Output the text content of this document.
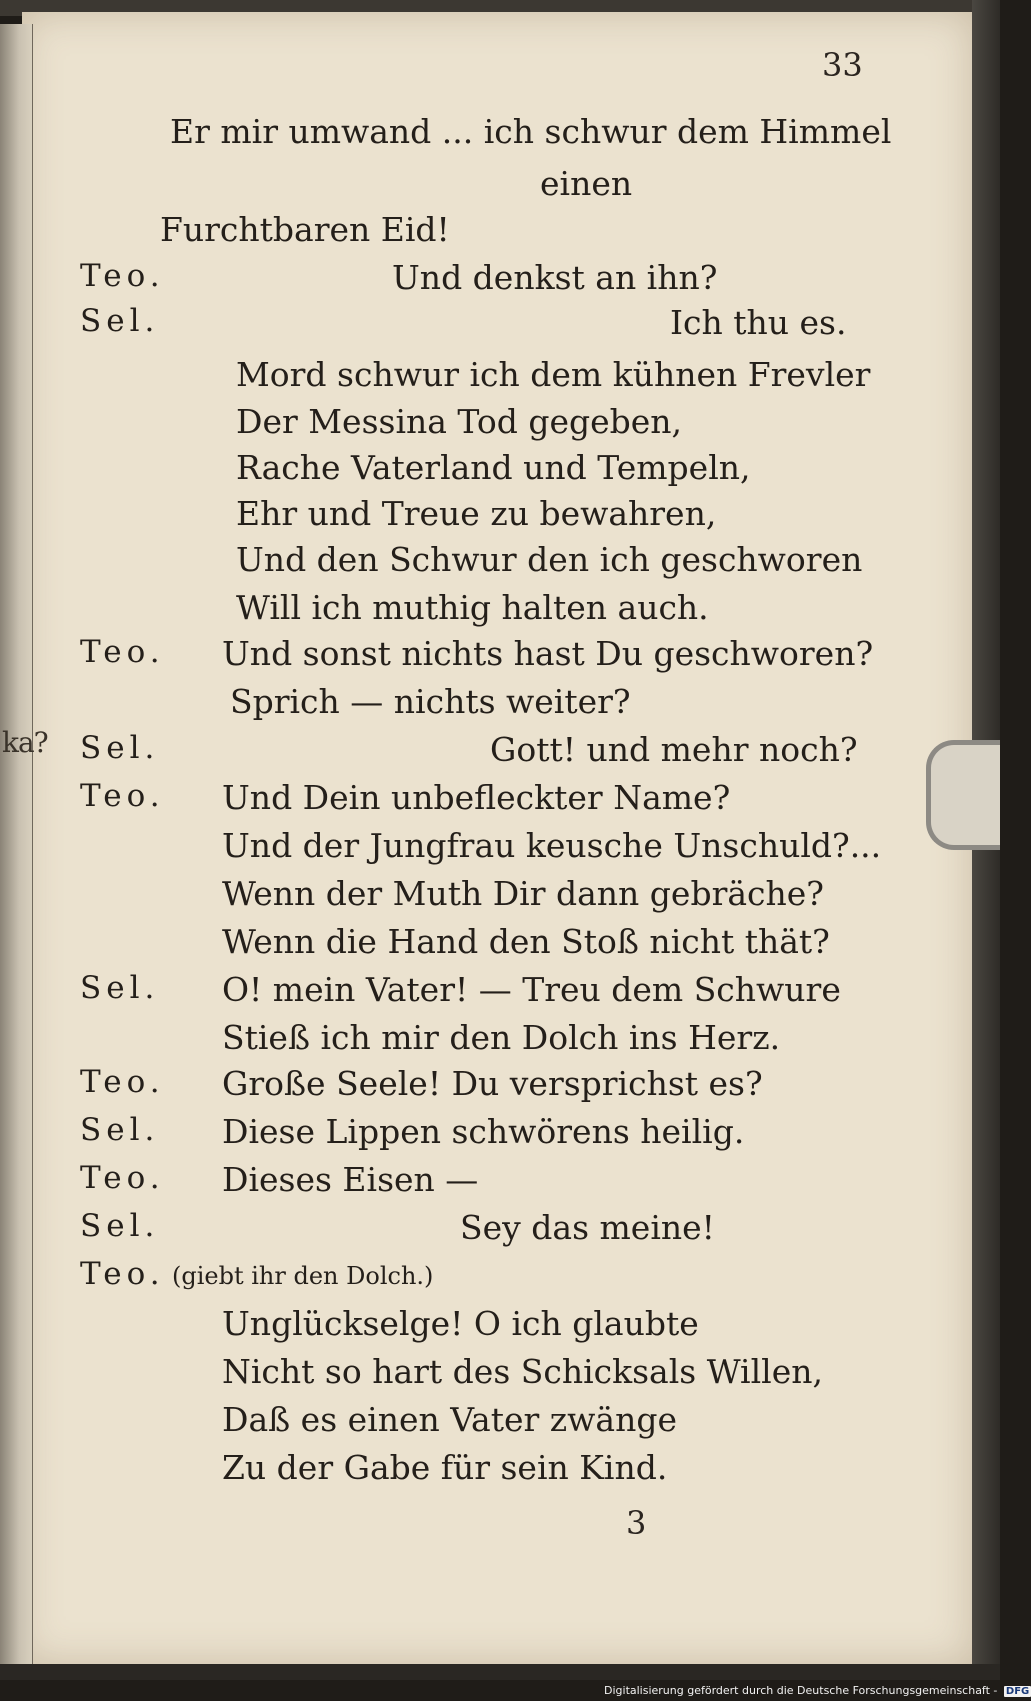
ka?
33
Er mir umwand ... ich schwur dem Himmel
einen
Furchtbaren Eid!
Teo.	Und denkst an ihn?
Sel.	Ich thu es.
Mord schwur ich dem kühnen Frevler
Der Messina Tod gegeben,
Rache Vaterland und Tempeln,
Ehr und Treue zu bewahren,
Und den Schwur den ich geschworen
Will ich muthig halten auch.
Teo. Und sonst nichts hast Du geschworen?
Sprich — nichts weiter?
Sel.	Gott! und mehr noch?
Teo. Und Dein unbefleckter Name?
Und der Jungfrau keusche Unschuld?...
Wenn der Muth Dir dann gebräche?
Wenn die Hand den Stoß nicht thät?
Sel. O! mein Vater! — Treu dem Schwure
Stieß ich mir den Dolch ins Herz.
Teo. Große Seele! Du versprichst es?
Sel. Diese Lippen schwörens heilig.
Teo. Dieses Eisen —
Sel.	Sey das meine!
Teo. (giebt ihr den Dolch.)
Unglückselge! O ich glaubte
Nicht so hart des Schicksals Willen,
Daß es einen Vater zwänge
Zu der Gabe für sein Kind.
3
Digitalisierung gefördert durch die Deutsche Forschungsgemeinschaft - DFG
